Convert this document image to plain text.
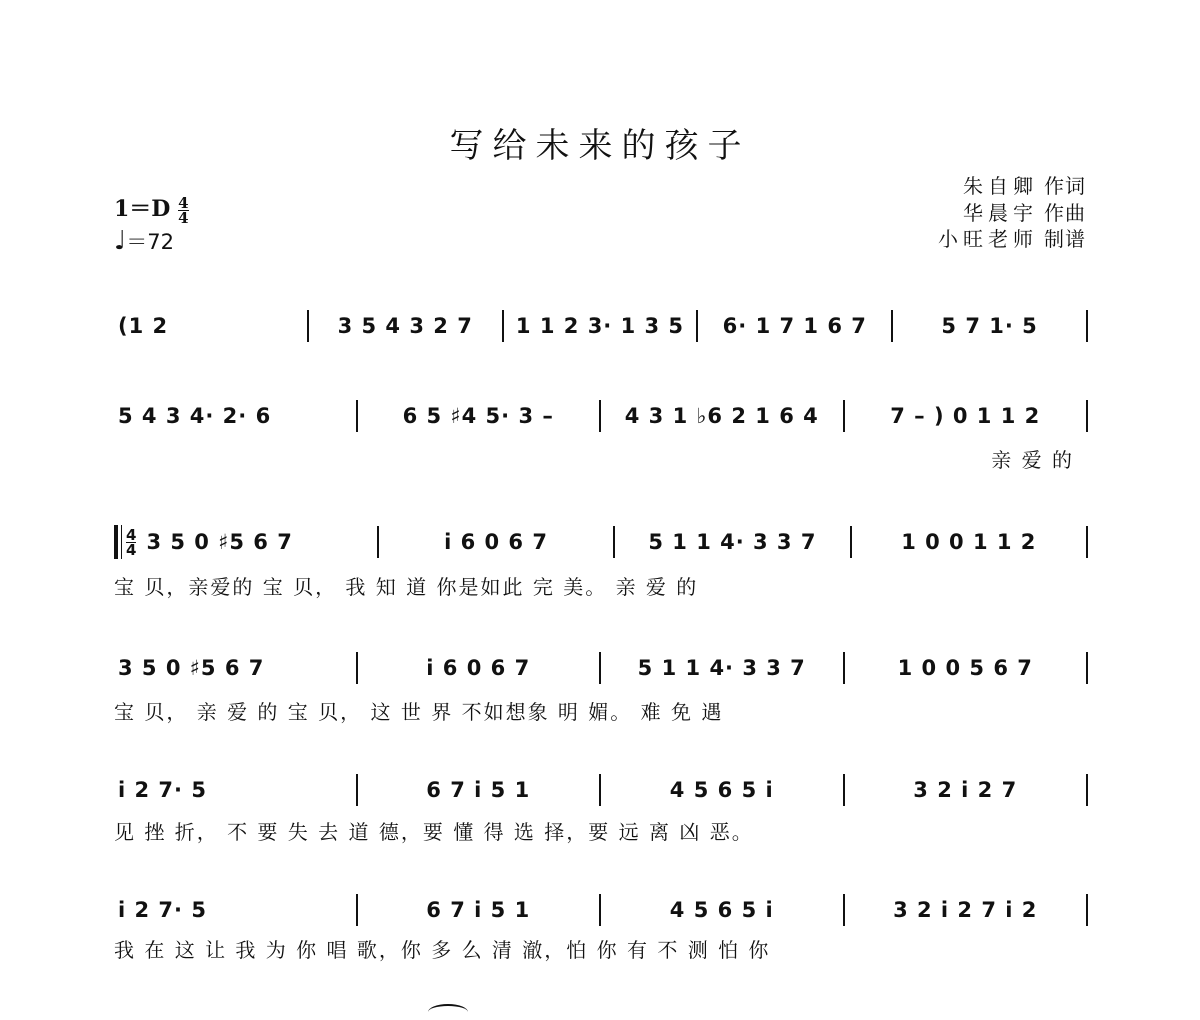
写给未来的孩子
朱自卿 作词
华晨宇 作曲
小旺老师 制谱
$1=D \frac{4}{4}$
♩＝72
(1 2	3 5 4 3 2 7	1 1 2 3· 1 3 5	6· 1 7 1 6 7	5 7 1· 5
5 4 3 4· 2· 6	6 5 ♯4 5· 3 –	4 3 1 ♭6 2 1 6 4	7 – ) 0 1 1 2
亲 爱 的
$\frac{4}{4} 3$ 5 0 ♯5 6 7	i 6 0 6 7	5 1 1 4· 3 3 7	1 0 0 1 1 2
宝 贝，亲爱的 宝 贝， 我 知 道 你是如此 完 美。 亲 爱 的
3 5 0 ♯5 6 7	i 6 0 6 7	5 1 1 4· 3 3 7	1 0 0 5 6 7
宝 贝， 亲 爱 的 宝 贝， 这 世 界 不如想象 明 媚。 难 免 遇
i 2 7· 5	6 7 i 5 1	4 5 6 5 i	3 2 i 2 7
见 挫 折， 不 要 失 去 道 德，要 懂 得 选 择，要 远 离 凶 恶。
i 2 7· 5	6 7 i 5 1	4 5 6 5 i	3 2 i 2 7 i 2
我 在 这 让 我 为 你 唱 歌，你 多 么 清 澈，怕 你 有 不 测 怕 你
